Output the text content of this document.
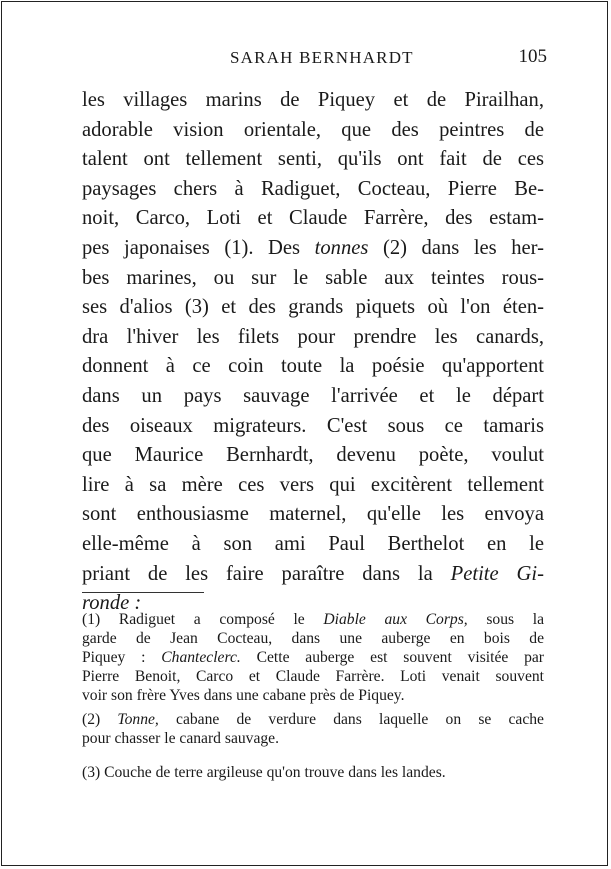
SARAH BERNHARDT	105

les villages marins de Piquey et de Pirailhan,
adorable vision orientale, que des peintres de
talent ont tellement senti, qu'ils ont fait de ces
paysages chers à Radiguet, Cocteau, Pierre Be-
noit, Carco, Loti et Claude Farrère, des estam-
pes japonaises (1). Des tonnes (2) dans les her-
bes marines, ou sur le sable aux teintes rous-
ses d'alios (3) et des grands piquets où l'on éten-
dra l'hiver les filets pour prendre les canards,
donnent à ce coin toute la poésie qu'apportent
dans un pays sauvage l'arrivée et le départ
des oiseaux migrateurs. C'est sous ce tamaris
que Maurice Bernhardt, devenu poète, voulut
lire à sa mère ces vers qui excitèrent tellement
sont enthousiasme maternel, qu'elle les envoya
elle-même à son ami Paul Berthelot en le
priant de les faire paraître dans la Petite Gi-
ronde :

(1) Radiguet a composé le Diable aux Corps, sous la
garde de Jean Cocteau, dans une auberge en bois de
Piquey : Chanteclerc. Cette auberge est souvent visitée par
Pierre Benoit, Carco et Claude Farrère. Loti venait souvent
voir son frère Yves dans une cabane près de Piquey.
(2) Tonne, cabane de verdure dans laquelle on se cache
pour chasser le canard sauvage.
(3) Couche de terre argileuse qu'on trouve dans les landes.
